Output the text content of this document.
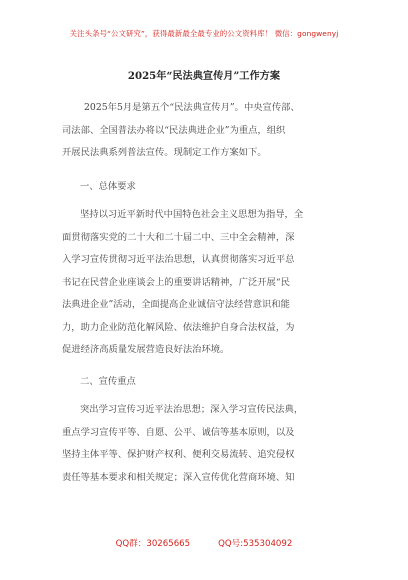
关注头条号“公文研究”，获得最新最全最专业的公文资料库！ 微信：gongwenyj
2025年“民法典宣传月”工作方案
2025年5月是第五个“民法典宣传月”。中央宣传部、
司法部、全国普法办将以“民法典进企业”为重点，组织
开展民法典系列普法宣传。现制定工作方案如下。
一、总体要求
坚持以习近平新时代中国特色社会主义思想为指导，全
面贯彻落实党的二十大和二十届二中、三中全会精神，深
入学习宣传贯彻习近平法治思想，认真贯彻落实习近平总
书记在民营企业座谈会上的重要讲话精神，广泛开展“民
法典进企业”活动，全面提高企业诚信守法经营意识和能
力，助力企业防范化解风险、依法维护自身合法权益，为
促进经济高质量发展营造良好法治环境。
二、宣传重点
突出学习宣传习近平法治思想；深入学习宣传民法典，
重点学习宣传平等、自愿、公平、诚信等基本原则，以及
坚持主体平等、保护财产权利、便利交易流转、追究侵权
责任等基本要求和相关规定；深入宣传优化营商环境、知
QQ群：30265665	QQ号:535304092
